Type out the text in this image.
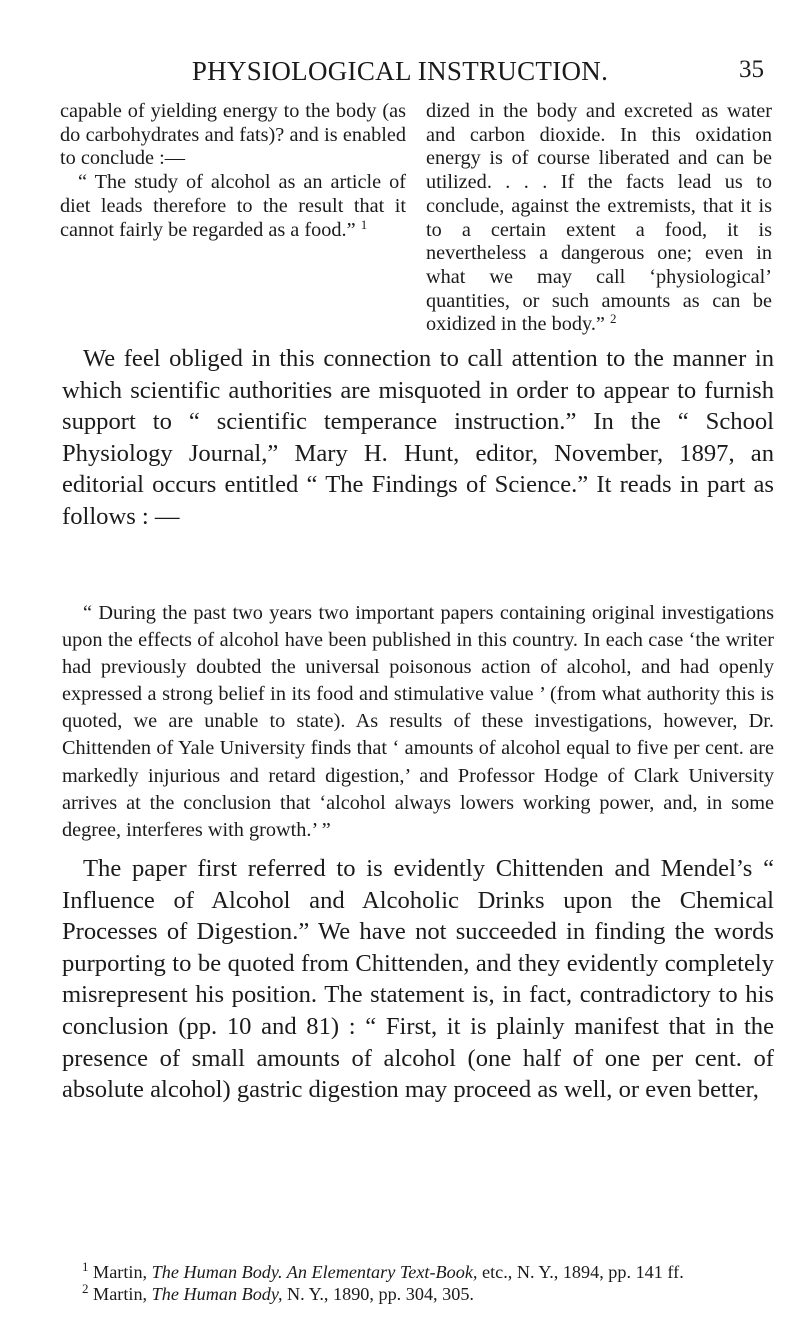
PHYSIOLOGICAL INSTRUCTION.	35

capable of yielding energy to the body (as do carbohydrates and fats)? and is enabled to conclude :—

“ The study of alcohol as an article of diet leads therefore to the result that it cannot fairly be regarded as a food.” $^1$

dized in the body and excreted as water and carbon dioxide. In this oxidation energy is of course liberated and can be utilized. . . . If the facts lead us to conclude, against the extremists, that it is to a certain extent a food, it is nevertheless a dangerous one; even in what we may call ‘physiological’ quantities, or such amounts as can be oxidized in the body.” $^2$

We feel obliged in this connection to call attention to the manner in which scientific authorities are misquoted in order to appear to furnish support to “ scientific temperance instruction.” In the “ School Physiology Journal,” Mary H. Hunt, editor, November, 1897, an editorial occurs entitled “ The Findings of Science.” It reads in part as follows : —

“ During the past two years two important papers containing original investigations upon the effects of alcohol have been published in this country. In each case ‘the writer had previously doubted the universal poisonous action of alcohol, and had openly expressed a strong belief in its food and stimulative value ’ (from what authority this is quoted, we are unable to state). As results of these investigations, however, Dr. Chittenden of Yale University finds that ‘ amounts of alcohol equal to five per cent. are markedly injurious and retard digestion,’ and Professor Hodge of Clark University arrives at the conclusion that ‘alcohol always lowers working power, and, in some degree, interferes with growth.’ ”

The paper first referred to is evidently Chittenden and Mendel’s “ Influence of Alcohol and Alcoholic Drinks upon the Chemical Processes of Digestion.” We have not succeeded in finding the words purporting to be quoted from Chittenden, and they evidently completely misrepresent his position. The statement is, in fact, contradictory to his conclusion (pp. 10 and 81) : “ First, it is plainly manifest that in the presence of small amounts of alcohol (one half of one per cent. of absolute alcohol) gastric digestion may proceed as well, or even better,

$^1$ Martin, The Human Body. An Elementary Text-Book, etc., N. Y., 1894, pp. 141 ff.

$^2$ Martin, The Human Body, N. Y., 1890, pp. 304, 305.
